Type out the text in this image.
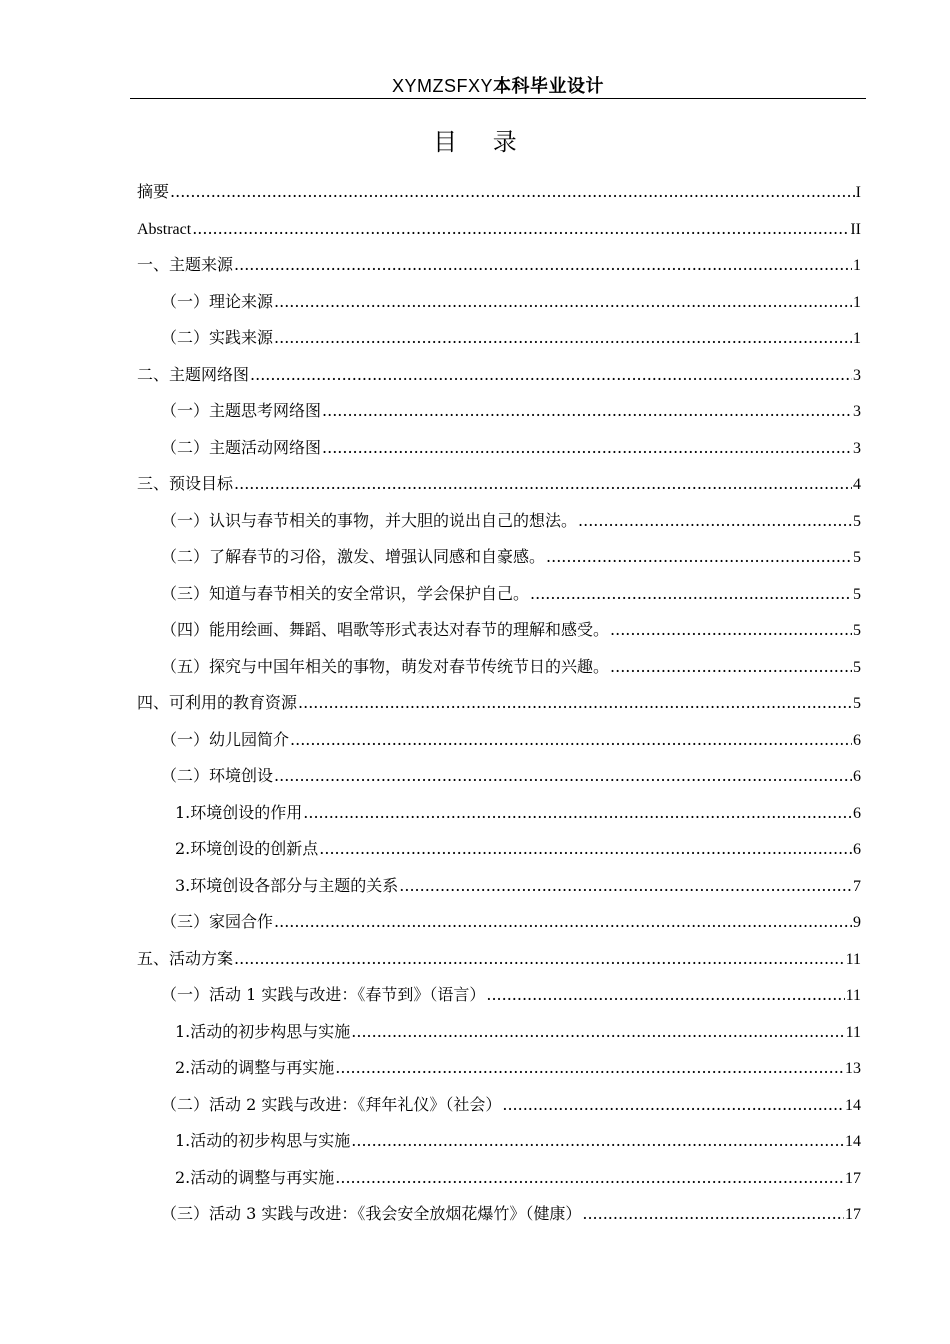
XYMZSFXY本科毕业设计
目 录
摘要 .....	I
Abstract .....	II
一、主题来源 .....	1
（一）理论来源 .....	1
（二）实践来源 .....	1
二、主题网络图 .....	3
（一）主题思考网络图 .....	3
（二）主题活动网络图 .....	3
三、预设目标 .....	4
（一）认识与春节相关的事物，并大胆的说出自己的想法。 .....	5
（二）了解春节的习俗，激发、增强认同感和自豪感。 .....	5
（三）知道与春节相关的安全常识，学会保护自己。 .....	5
（四）能用绘画、舞蹈、唱歌等形式表达对春节的理解和感受。 .....	5
（五）探究与中国年相关的事物，萌发对春节传统节日的兴趣。 .....	5
四、可利用的教育资源 .....	5
（一）幼儿园简介 .....	6
（二）环境创设 .....	6
1.环境创设的作用 .....	6
2.环境创设的创新点 .....	6
3.环境创设各部分与主题的关系 .....	7
（三）家园合作 .....	9
五、活动方案 .....	11
（一）活动 1 实践与改进：《春节到》（语言） .....	11
1.活动的初步构思与实施 .....	11
2.活动的调整与再实施 .....	13
（二）活动 2 实践与改进：《拜年礼仪》（社会） .....	14
1.活动的初步构思与实施 .....	14
2.活动的调整与再实施 .....	17
（三）活动 3 实践与改进：《我会安全放烟花爆竹》（健康） .....	17
